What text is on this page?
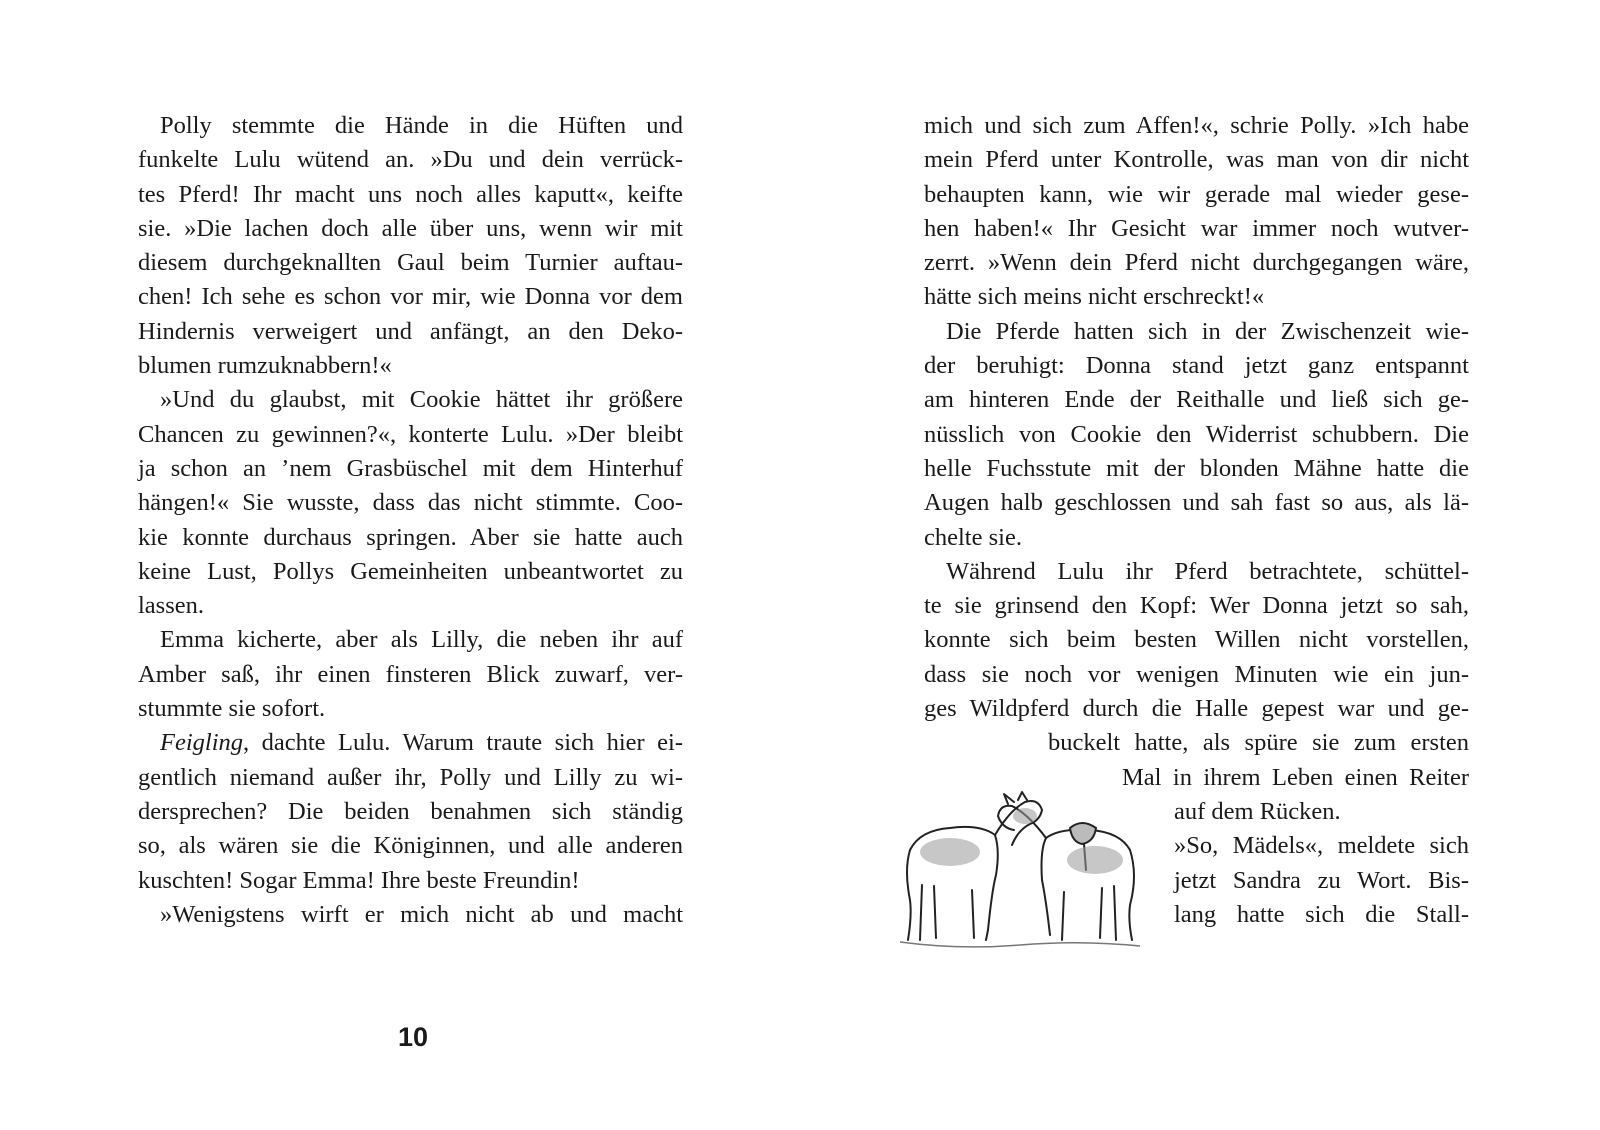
Polly stemmte die Hände in die Hüften und
funkelte Lulu wütend an. »Du und dein verrück-
tes Pferd! Ihr macht uns noch alles kaputt«, keifte
sie. »Die lachen doch alle über uns, wenn wir mit
diesem durchgeknallten Gaul beim Turnier auftau-
chen! Ich sehe es schon vor mir, wie Donna vor dem
Hindernis verweigert und anfängt, an den Deko-
blumen rumzuknabbern!«
»Und du glaubst, mit Cookie hättet ihr größere
Chancen zu gewinnen?«, konterte Lulu. »Der bleibt
ja schon an ’nem Grasbüschel mit dem Hinterhuf
hängen!« Sie wusste, dass das nicht stimmte. Coo-
kie konnte durchaus springen. Aber sie hatte auch
keine Lust, Pollys Gemeinheiten unbeantwortet zu
lassen.
Emma kicherte, aber als Lilly, die neben ihr auf
Amber saß, ihr einen finsteren Blick zuwarf, ver-
stummte sie sofort.
Feigling, dachte Lulu. Warum traute sich hier ei-
gentlich niemand außer ihr, Polly und Lilly zu wi-
dersprechen? Die beiden benahmen sich ständig
so, als wären sie die Königinnen, und alle anderen
kuschten! Sogar Emma! Ihre beste Freundin!
»Wenigstens wirft er mich nicht ab und macht
mich und sich zum Affen!«, schrie Polly. »Ich habe
mein Pferd unter Kontrolle, was man von dir nicht
behaupten kann, wie wir gerade mal wieder gese-
hen haben!« Ihr Gesicht war immer noch wutver-
zerrt. »Wenn dein Pferd nicht durchgegangen wäre,
hätte sich meins nicht erschreckt!«
Die Pferde hatten sich in der Zwischenzeit wie-
der beruhigt: Donna stand jetzt ganz entspannt
am hinteren Ende der Reithalle und ließ sich ge-
nüsslich von Cookie den Widerrist schubbern. Die
helle Fuchsstute mit der blonden Mähne hatte die
Augen halb geschlossen und sah fast so aus, als lä-
chelte sie.
Während Lulu ihr Pferd betrachtete, schüttel-
te sie grinsend den Kopf: Wer Donna jetzt so sah,
konnte sich beim besten Willen nicht vorstellen,
dass sie noch vor wenigen Minuten wie ein jun-
ges Wildpferd durch die Halle gepest war und ge-
buckelt hatte, als spüre sie zum ersten
Mal in ihrem Leben einen Reiter
auf dem Rücken.
»So, Mädels«, meldete sich
jetzt Sandra zu Wort. Bis-
lang hatte sich die Stall-
10
